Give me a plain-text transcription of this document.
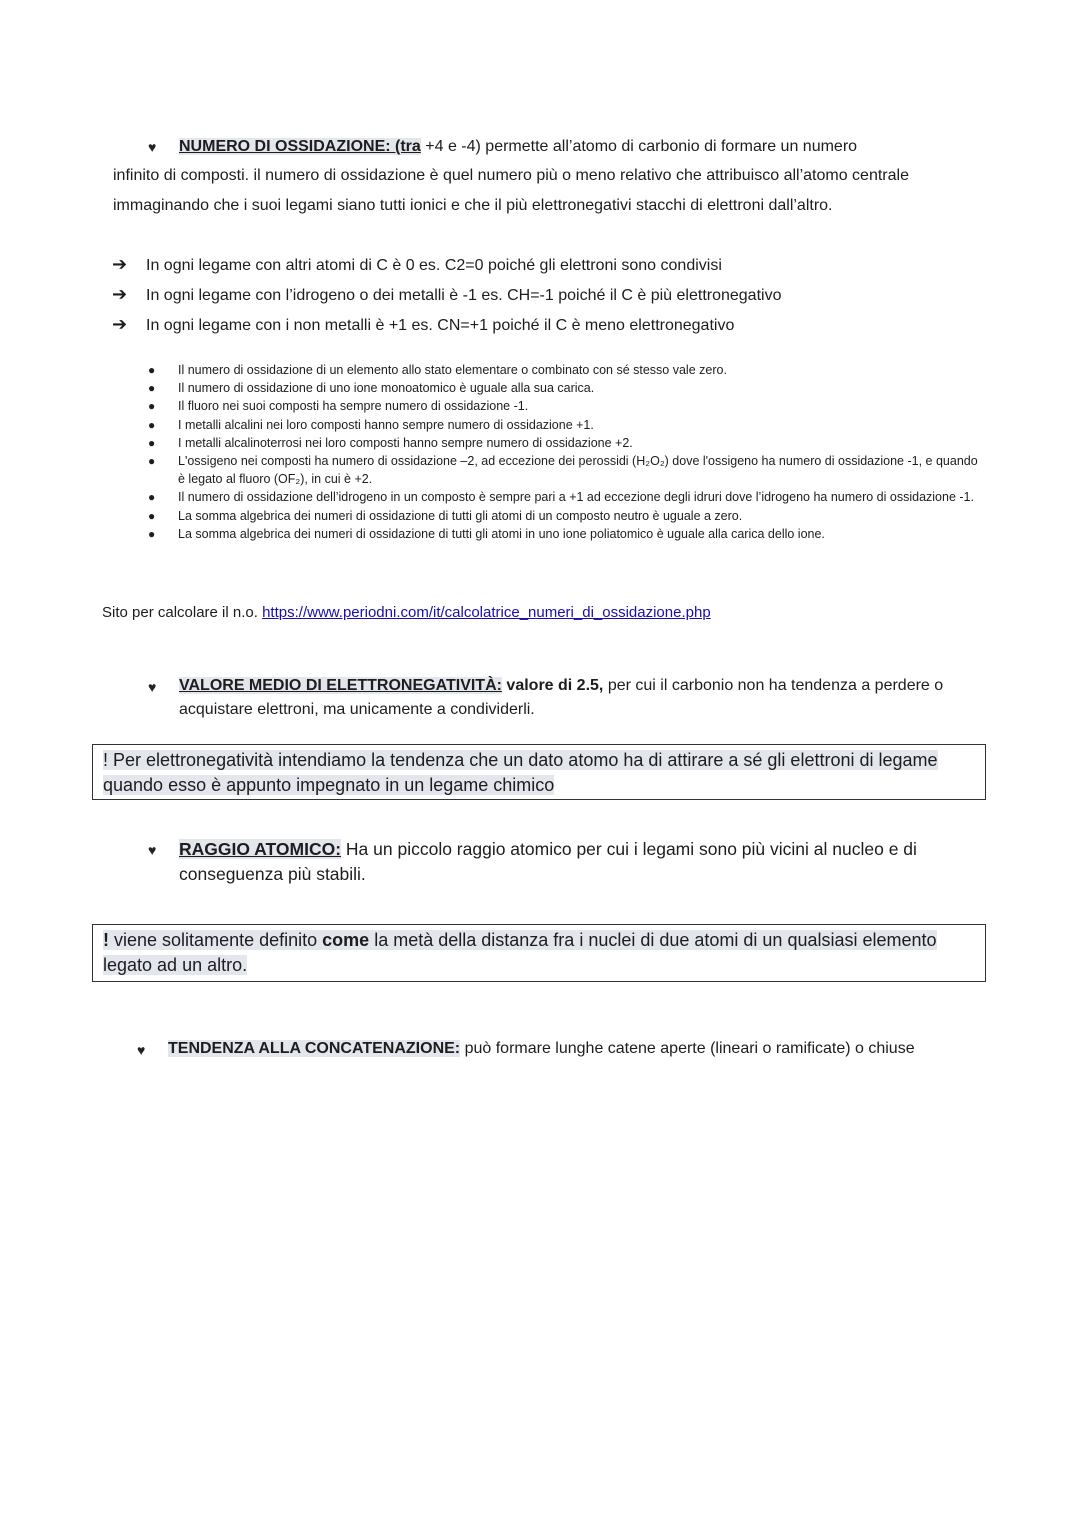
♥ NUMERO DI OSSIDAZIONE: (tra +4 e -4) permette all’atomo di carbonio di formare un numero
infinito di composti. il numero di ossidazione è quel numero più o meno relativo che attribuisco all’atomo centrale
immaginando che i suoi legami siano tutti ionici e che il più elettronegativi stacchi di elettroni dall’altro.
➔ In ogni legame con altri atomi di C è 0 es. C2=0 poiché gli elettroni sono condivisi
➔ In ogni legame con l’idrogeno o dei metalli è -1 es. CH=-1 poiché il C è più elettronegativo
➔ In ogni legame con i non metalli è +1 es. CN=+1 poiché il C è meno elettronegativo
● Il numero di ossidazione di un elemento allo stato elementare o combinato con sé stesso vale zero.
● Il numero di ossidazione di uno ione monoatomico è uguale alla sua carica.
● Il fluoro nei suoi composti ha sempre numero di ossidazione -1.
● I metalli alcalini nei loro composti hanno sempre numero di ossidazione +1.
● I metalli alcalinoterrosi nei loro composti hanno sempre numero di ossidazione +2.
● L'ossigeno nei composti ha numero di ossidazione –2, ad eccezione dei perossidi (H₂O₂) dove l'ossigeno ha numero di ossidazione -1, e quando è legato al fluoro (OF₂), in cui è +2.
● Il numero di ossidazione dell’idrogeno in un composto è sempre pari a +1 ad eccezione degli idruri dove l’idrogeno ha numero di ossidazione -1.
● La somma algebrica dei numeri di ossidazione di tutti gli atomi di un composto neutro è uguale a zero.
● La somma algebrica dei numeri di ossidazione di tutti gli atomi in uno ione poliatomico è uguale alla carica dello ione.
Sito per calcolare il n.o. https://www.periodni.com/it/calcolatrice_numeri_di_ossidazione.php
♥ VALORE MEDIO DI ELETTRONEGATIVITÀ: valore di 2.5, per cui il carbonio non ha tendenza a perdere o
acquistare elettroni, ma unicamente a condividerli.
! Per elettronegatività intendiamo la tendenza che un dato atomo ha di attirare a sé gli elettroni di legame
quando esso è appunto impegnato in un legame chimico
♥ RAGGIO ATOMICO: Ha un piccolo raggio atomico per cui i legami sono più vicini al nucleo e di
conseguenza più stabili.
! viene solitamente definito come la metà della distanza fra i nuclei di due atomi di un qualsiasi elemento
legato ad un altro.
♥ TENDENZA ALLA CONCATENAZIONE: può formare lunghe catene aperte (lineari o ramificate) o chiuse
